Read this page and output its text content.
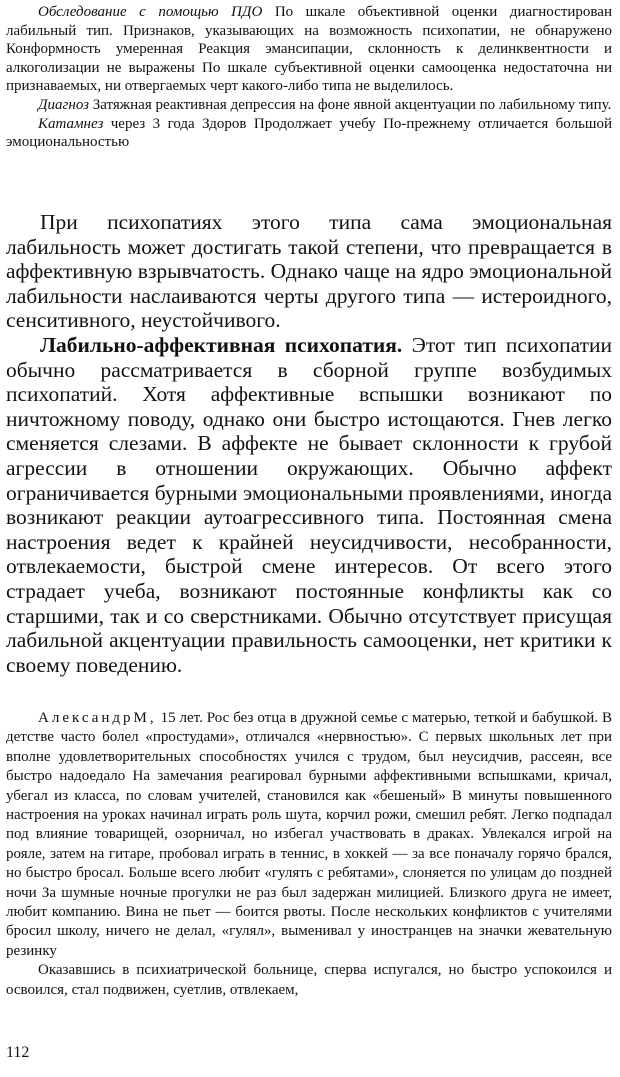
Обследование с помощью ПДО По шкале объективной оценки диагностирован лабильный тип. Признаков, указывающих на возможность психопатии, не обнаружено Конформность умеренная Реакция эмансипации, склонность к делинквентности и алкоголизации не выражены По шкале субъективной оценки самооценка недостаточна ни признаваемых, ни отвергаемых черт какого-либо типа не выделилось.

Диагноз Затяжная реактивная депрессия на фоне явной акцентуации по лабильному типу.

Катамнез через 3 года Здоров Продолжает учебу По-прежнему отличается большой эмоциональностью

При психопатиях этого типа сама эмоциональная лабильность может достигать такой степени, что превращается в аффективную взрывчатость. Однако чаще на ядро эмоциональной лабильности наслаиваются черты другого типа — истероидного, сенситивного, неустойчивого.

Лабильно-аффективная психопатия. Этот тип психопатии обычно рассматривается в сборной группе возбудимых психопатий. Хотя аффективные вспышки возникают по ничтожному поводу, однако они быстро истощаются. Гнев легко сменяется слезами. В аффекте не бывает склонности к грубой агрессии в отношении окружающих. Обычно аффект ограничивается бурными эмоциональными проявлениями, иногда возникают реакции аутоагрессивного типа. Постоянная смена настроения ведет к крайней неусидчивости, несобранности, отвлекаемости, быстрой смене интересов. От всего этого страдает учеба, возникают постоянные конфликты как со старшими, так и со сверстниками. Обычно отсутствует присущая лабильной акцентуации правильность самооценки, нет критики к своему поведению.

АлександрМ, 15 лет. Рос без отца в дружной семье с матерью, теткой и бабушкой. В детстве часто болел «простудами», отличался «нервностью». С первых школьных лет при вполне удовлетворительных способностях учился с трудом, был неусидчив, рассеян, все быстро надоедало На замечания реагировал бурными аффективными вспышками, кричал, убегал из класса, по словам учителей, становился как «бешеный» В минуты повышенного настроения на уроках начинал играть роль шута, корчил рожи, смешил ребят. Легко подпадал под влияние товарищей, озорничал, но избегал участвовать в драках. Увлекался игрой на рояле, затем на гитаре, пробовал играть в теннис, в хоккей — за все поначалу горячо брался, но быстро бросал. Больше всего любит «гулять с ребятами», слоняется по улицам до поздней ночи За шумные ночные прогулки не раз был задержан милицией. Близкого друга не имеет, любит компанию. Вина не пьет — боится рвоты. После нескольких конфликтов с учителями бросил школу, ничего не делал, «гулял», выменивал у иностранцев на значки жевательную резинку

Оказавшись в психиатрической больнице, сперва испугался, но быстро успокоился и освоился, стал подвижен, суетлив, отвлекаем,

112
